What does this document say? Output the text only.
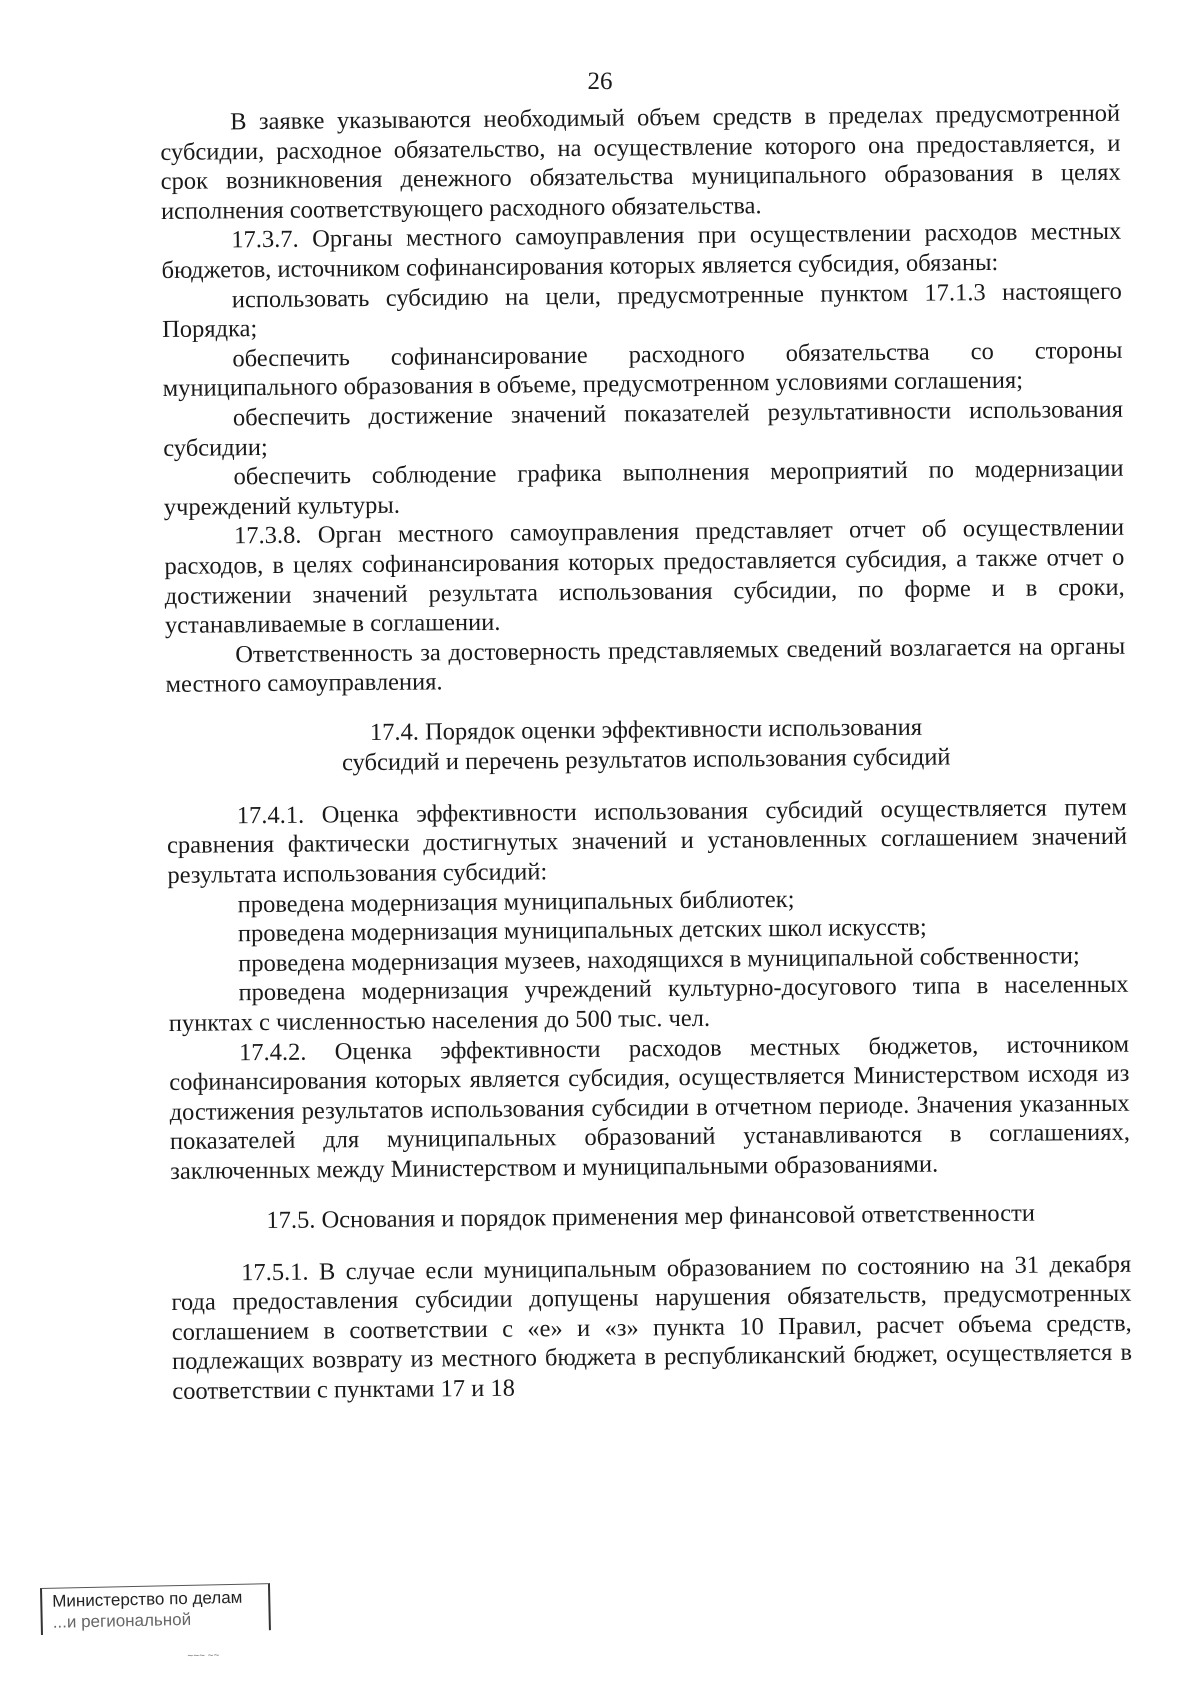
26

В заявке указываются необходимый объем средств в пределах предусмотренной субсидии, расходное обязательство, на осуществление которого она предоставляется, и срок возникновения денежного обязательства муниципального образования в целях исполнения соответствующего расходного обязательства.

17.3.7. Органы местного самоуправления при осуществлении расходов местных бюджетов, источником софинансирования которых является субсидия, обязаны:

использовать субсидию на цели, предусмотренные пунктом 17.1.3 настоящего Порядка;

обеспечить софинансирование расходного обязательства со стороны муниципального образования в объеме, предусмотренном условиями соглашения;

обеспечить достижение значений показателей результативности использования субсидии;

обеспечить соблюдение графика выполнения мероприятий по модернизации учреждений культуры.

17.3.8. Орган местного самоуправления представляет отчет об осуществлении расходов, в целях софинансирования которых предоставляется субсидия, а также отчет о достижении значений результата использования субсидии, по форме и в сроки, устанавливаемые в соглашении.

Ответственность за достоверность представляемых сведений возлагается на органы местного самоуправления.

17.4. Порядок оценки эффективности использования
субсидий и перечень результатов использования субсидий

17.4.1. Оценка эффективности использования субсидий осуществляется путем сравнения фактически достигнутых значений и установленных соглашением значений результата использования субсидий:

проведена модернизация муниципальных библиотек;

проведена модернизация муниципальных детских школ искусств;

проведена модернизация музеев, находящихся в муниципальной собственности;

проведена модернизация учреждений культурно-досугового типа в населенных пунктах с численностью населения до 500 тыс. чел.

17.4.2. Оценка эффективности расходов местных бюджетов, источником софинансирования которых является субсидия, осуществляется Министерством исходя из достижения результатов использования субсидии в отчетном периоде. Значения указанных показателей для муниципальных образований устанавливаются в соглашениях, заключенных между Министерством и муниципальными образованиями.

17.5. Основания и порядок применения мер финансовой ответственности

17.5.1. В случае если муниципальным образованием по состоянию на 31 декабря года предоставления субсидии допущены нарушения обязательств, предусмотренных соглашением в соответствии с «е» и «з» пункта 10 Правил, расчет объема средств, подлежащих возврату из местного бюджета в республиканский бюджет, осуществляется в соответствии с пунктами 17 и 18

Министерство по делам
...и региональной
~~~ ~~
